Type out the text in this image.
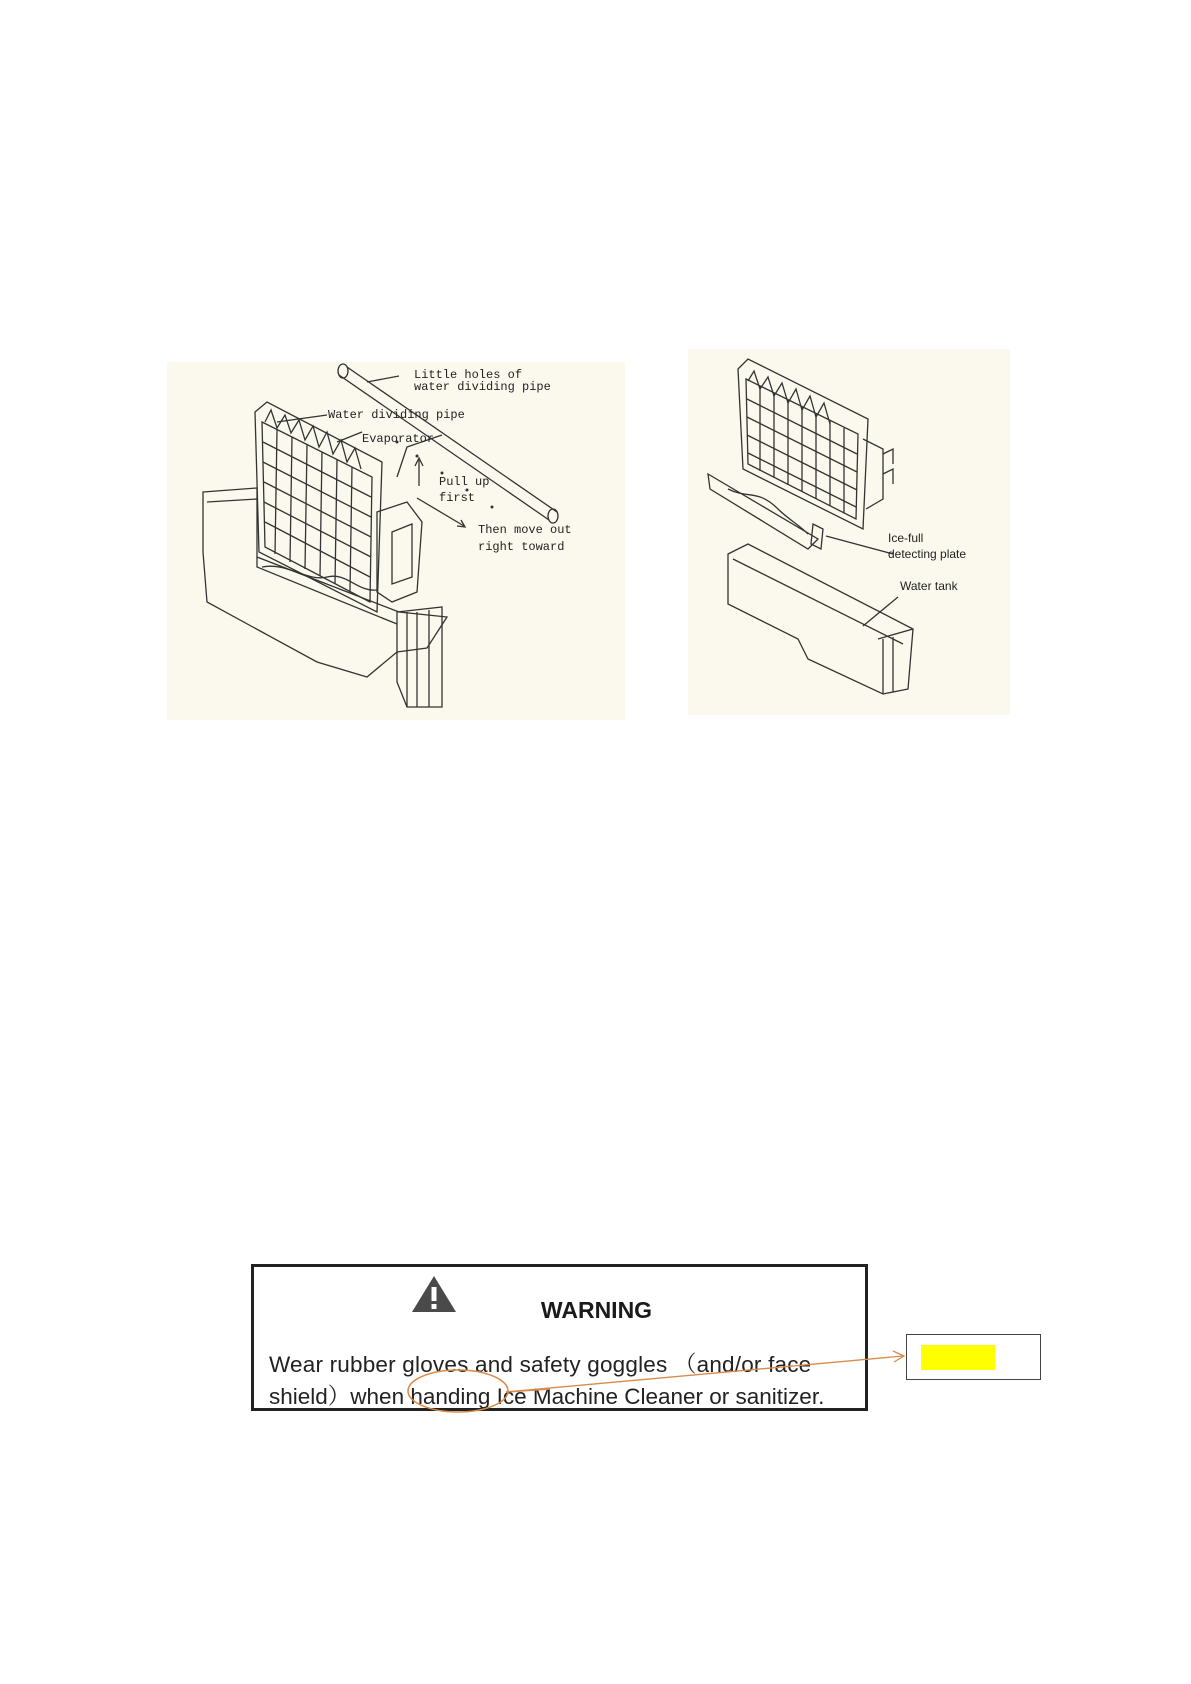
Little holes of
water dividing pipe
Water dividing pipe
Evaporator
Pull up
first
Then move out
right toward
Ice-full
detecting plate
Water tank
WARNING
Wear rubber gloves and safety goggles （and/or face
shield）when handing Ice Machine Cleaner or sanitizer.
